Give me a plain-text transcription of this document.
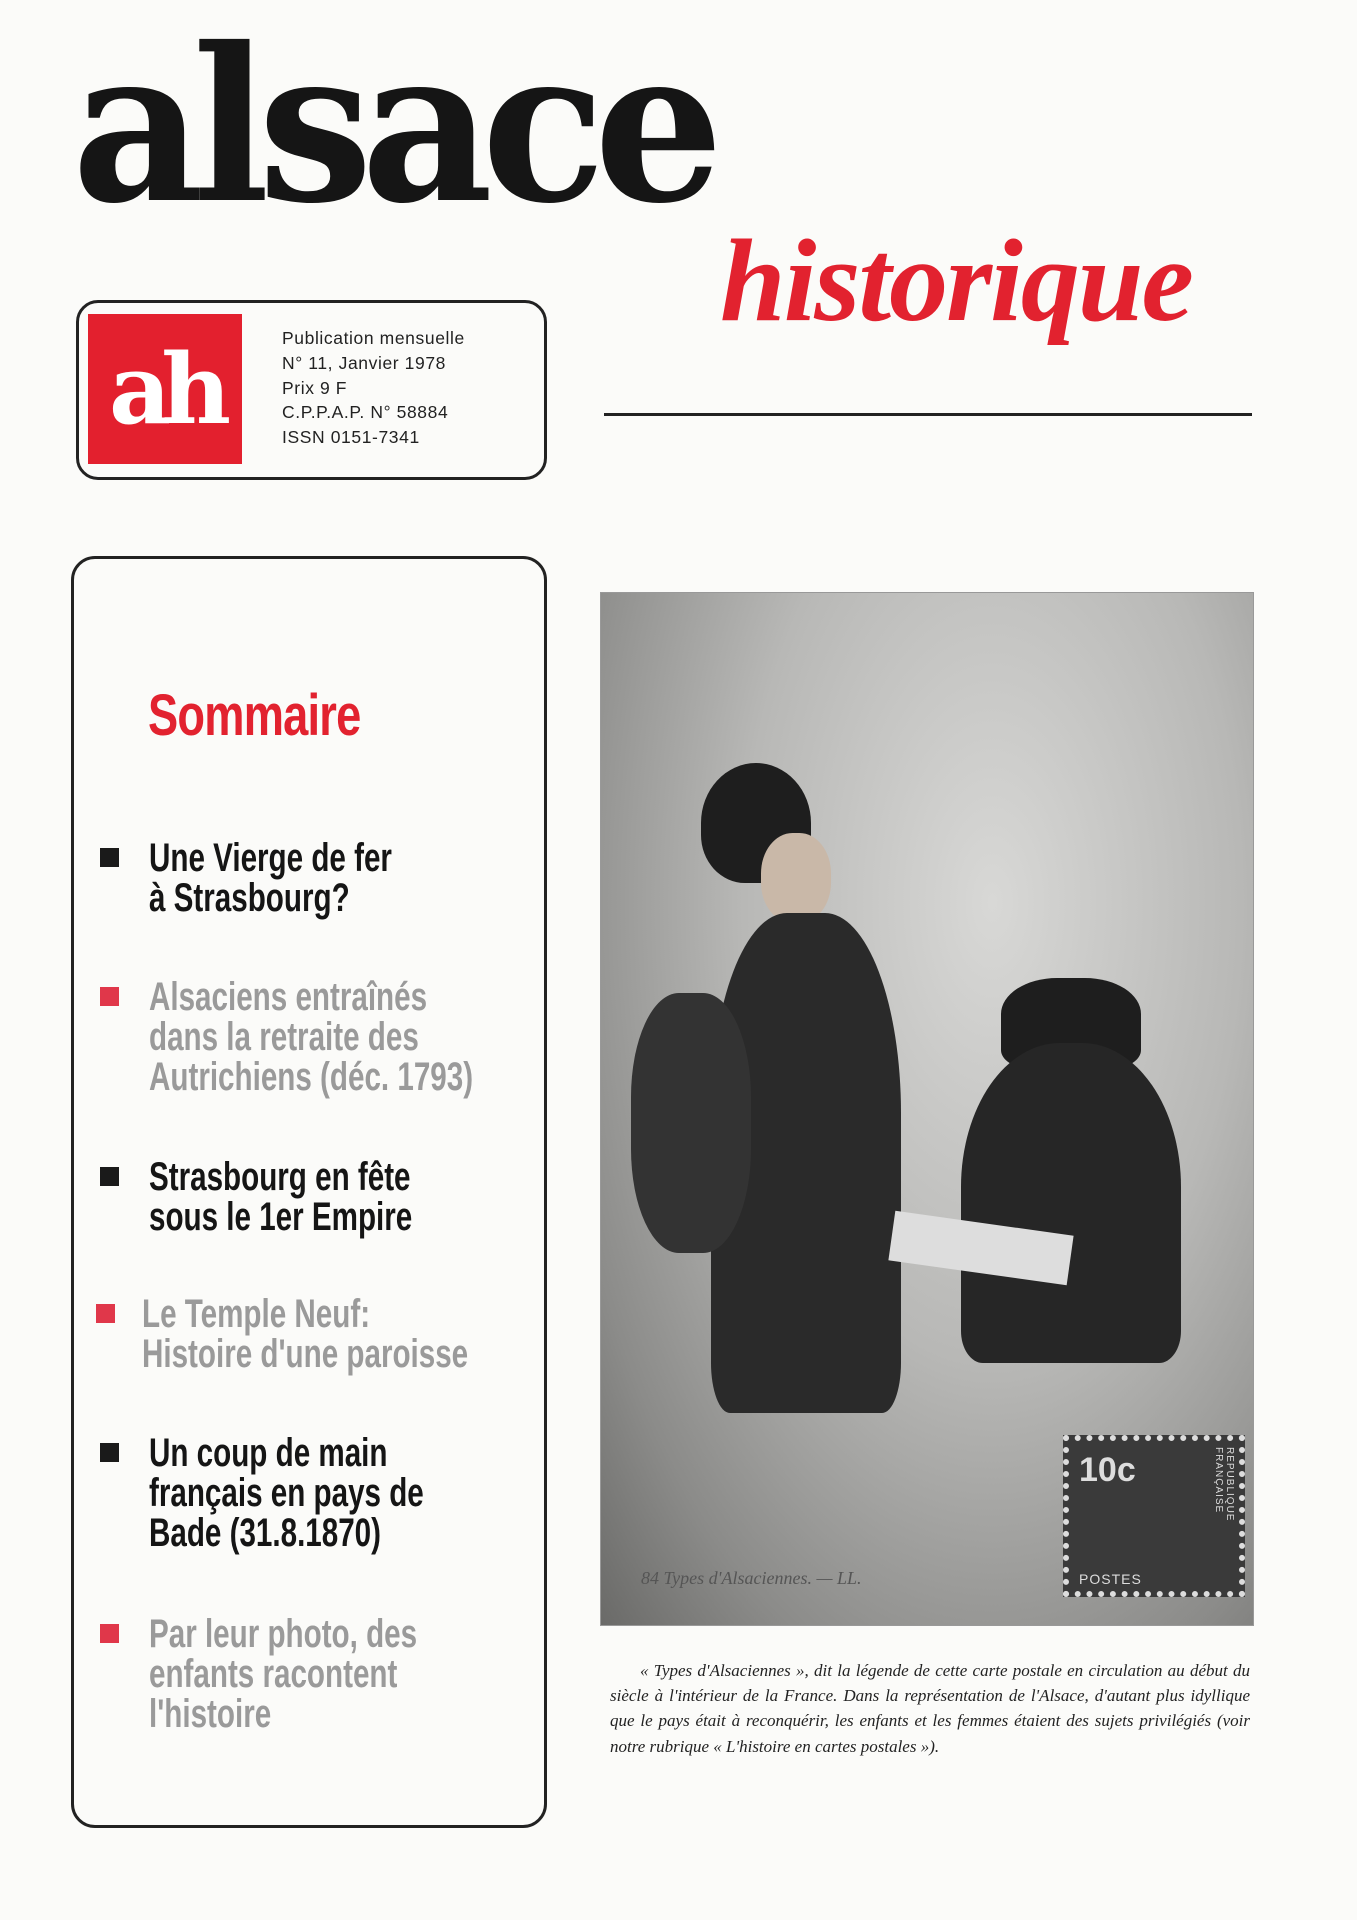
alsace
historique
ah	Publication mensuelle
N° 11, Janvier 1978
Prix 9 F
C.P.P.A.P. N° 58884
ISSN 0151-7341
Sommaire
Une Vierge de fer
à Strasbourg?
Alsaciens entraînés
dans la retraite des
Autrichiens (déc. 1793)
Strasbourg en fête
sous le 1er Empire
Le Temple Neuf:
Histoire d'une paroisse
Un coup de main
français en pays de
Bade (31.8.1870)
Par leur photo, des
enfants racontent
l'histoire
84 Types d'Alsaciennes. — LL.
10c
POSTES
REPUBLIQUE FRANÇAISE
« Types d'Alsaciennes », dit la légende de cette carte postale en circulation au début du siècle à l'intérieur de la France. Dans la représentation de l'Alsace, d'autant plus idyllique que le pays était à reconquérir, les enfants et les femmes étaient des sujets privilégiés (voir notre rubrique « L'histoire en cartes postales »).
